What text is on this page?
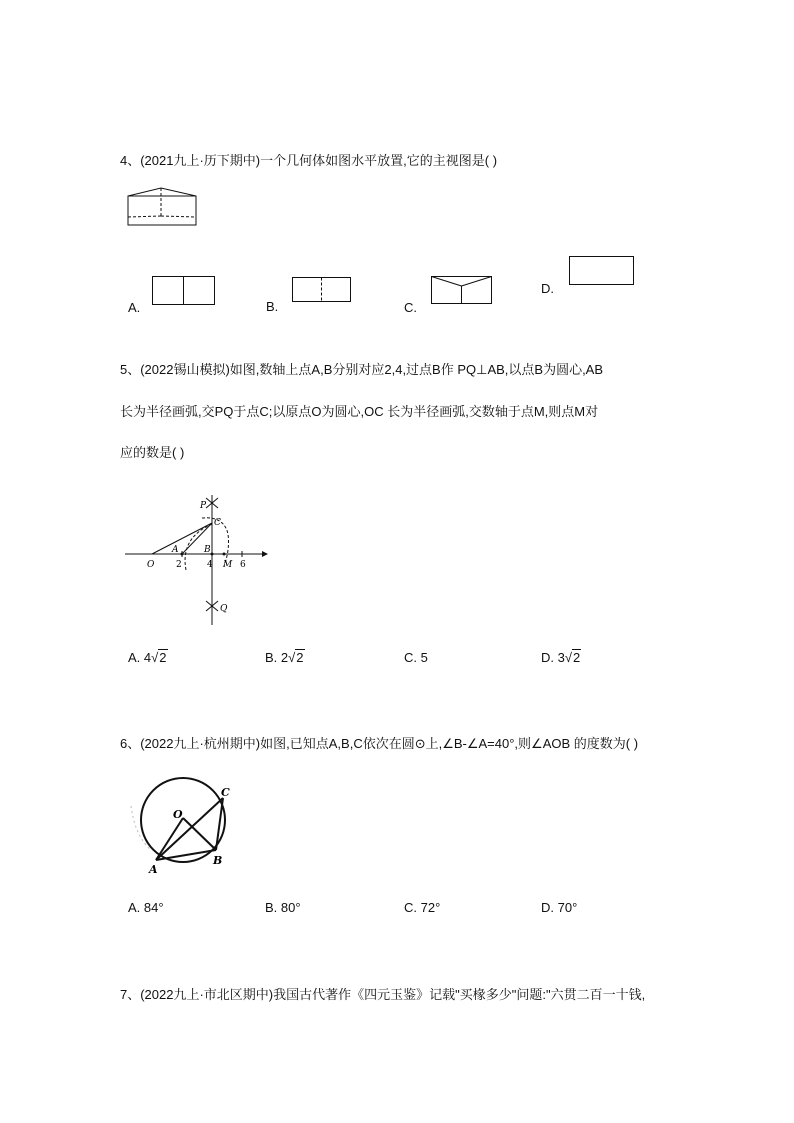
4、(2021九上·历下期中)一个几何体如图水平放置,它的主视图是( )
A.	B.	C.
D.
5、(2022锡山模拟)如图,数轴上点A,B分别对应2,4,过点B作 PQ⊥AB,以点B为圆心,AB
长为半径画弧,交PQ于点C;以原点O为圆心,OC 长为半径画弧,交数轴于点M,则点M对
应的数是( )
P
C
A	B
O 2	4 M 6
Q
A. 4√2	B. 2√2	C. 5	D. 3√2
6、(2022九上·杭州期中)如图,已知点A,B,C依次在圆⊙上,∠B-∠A=40°,则∠AOB 的度数为( )
O
C
A
B
A. 84°	B. 80°	C. 72°	D. 70°
7、(2022九上·市北区期中)我国古代著作《四元玉鉴》记载"买椽多少"问题:"六贯二百一十钱,
